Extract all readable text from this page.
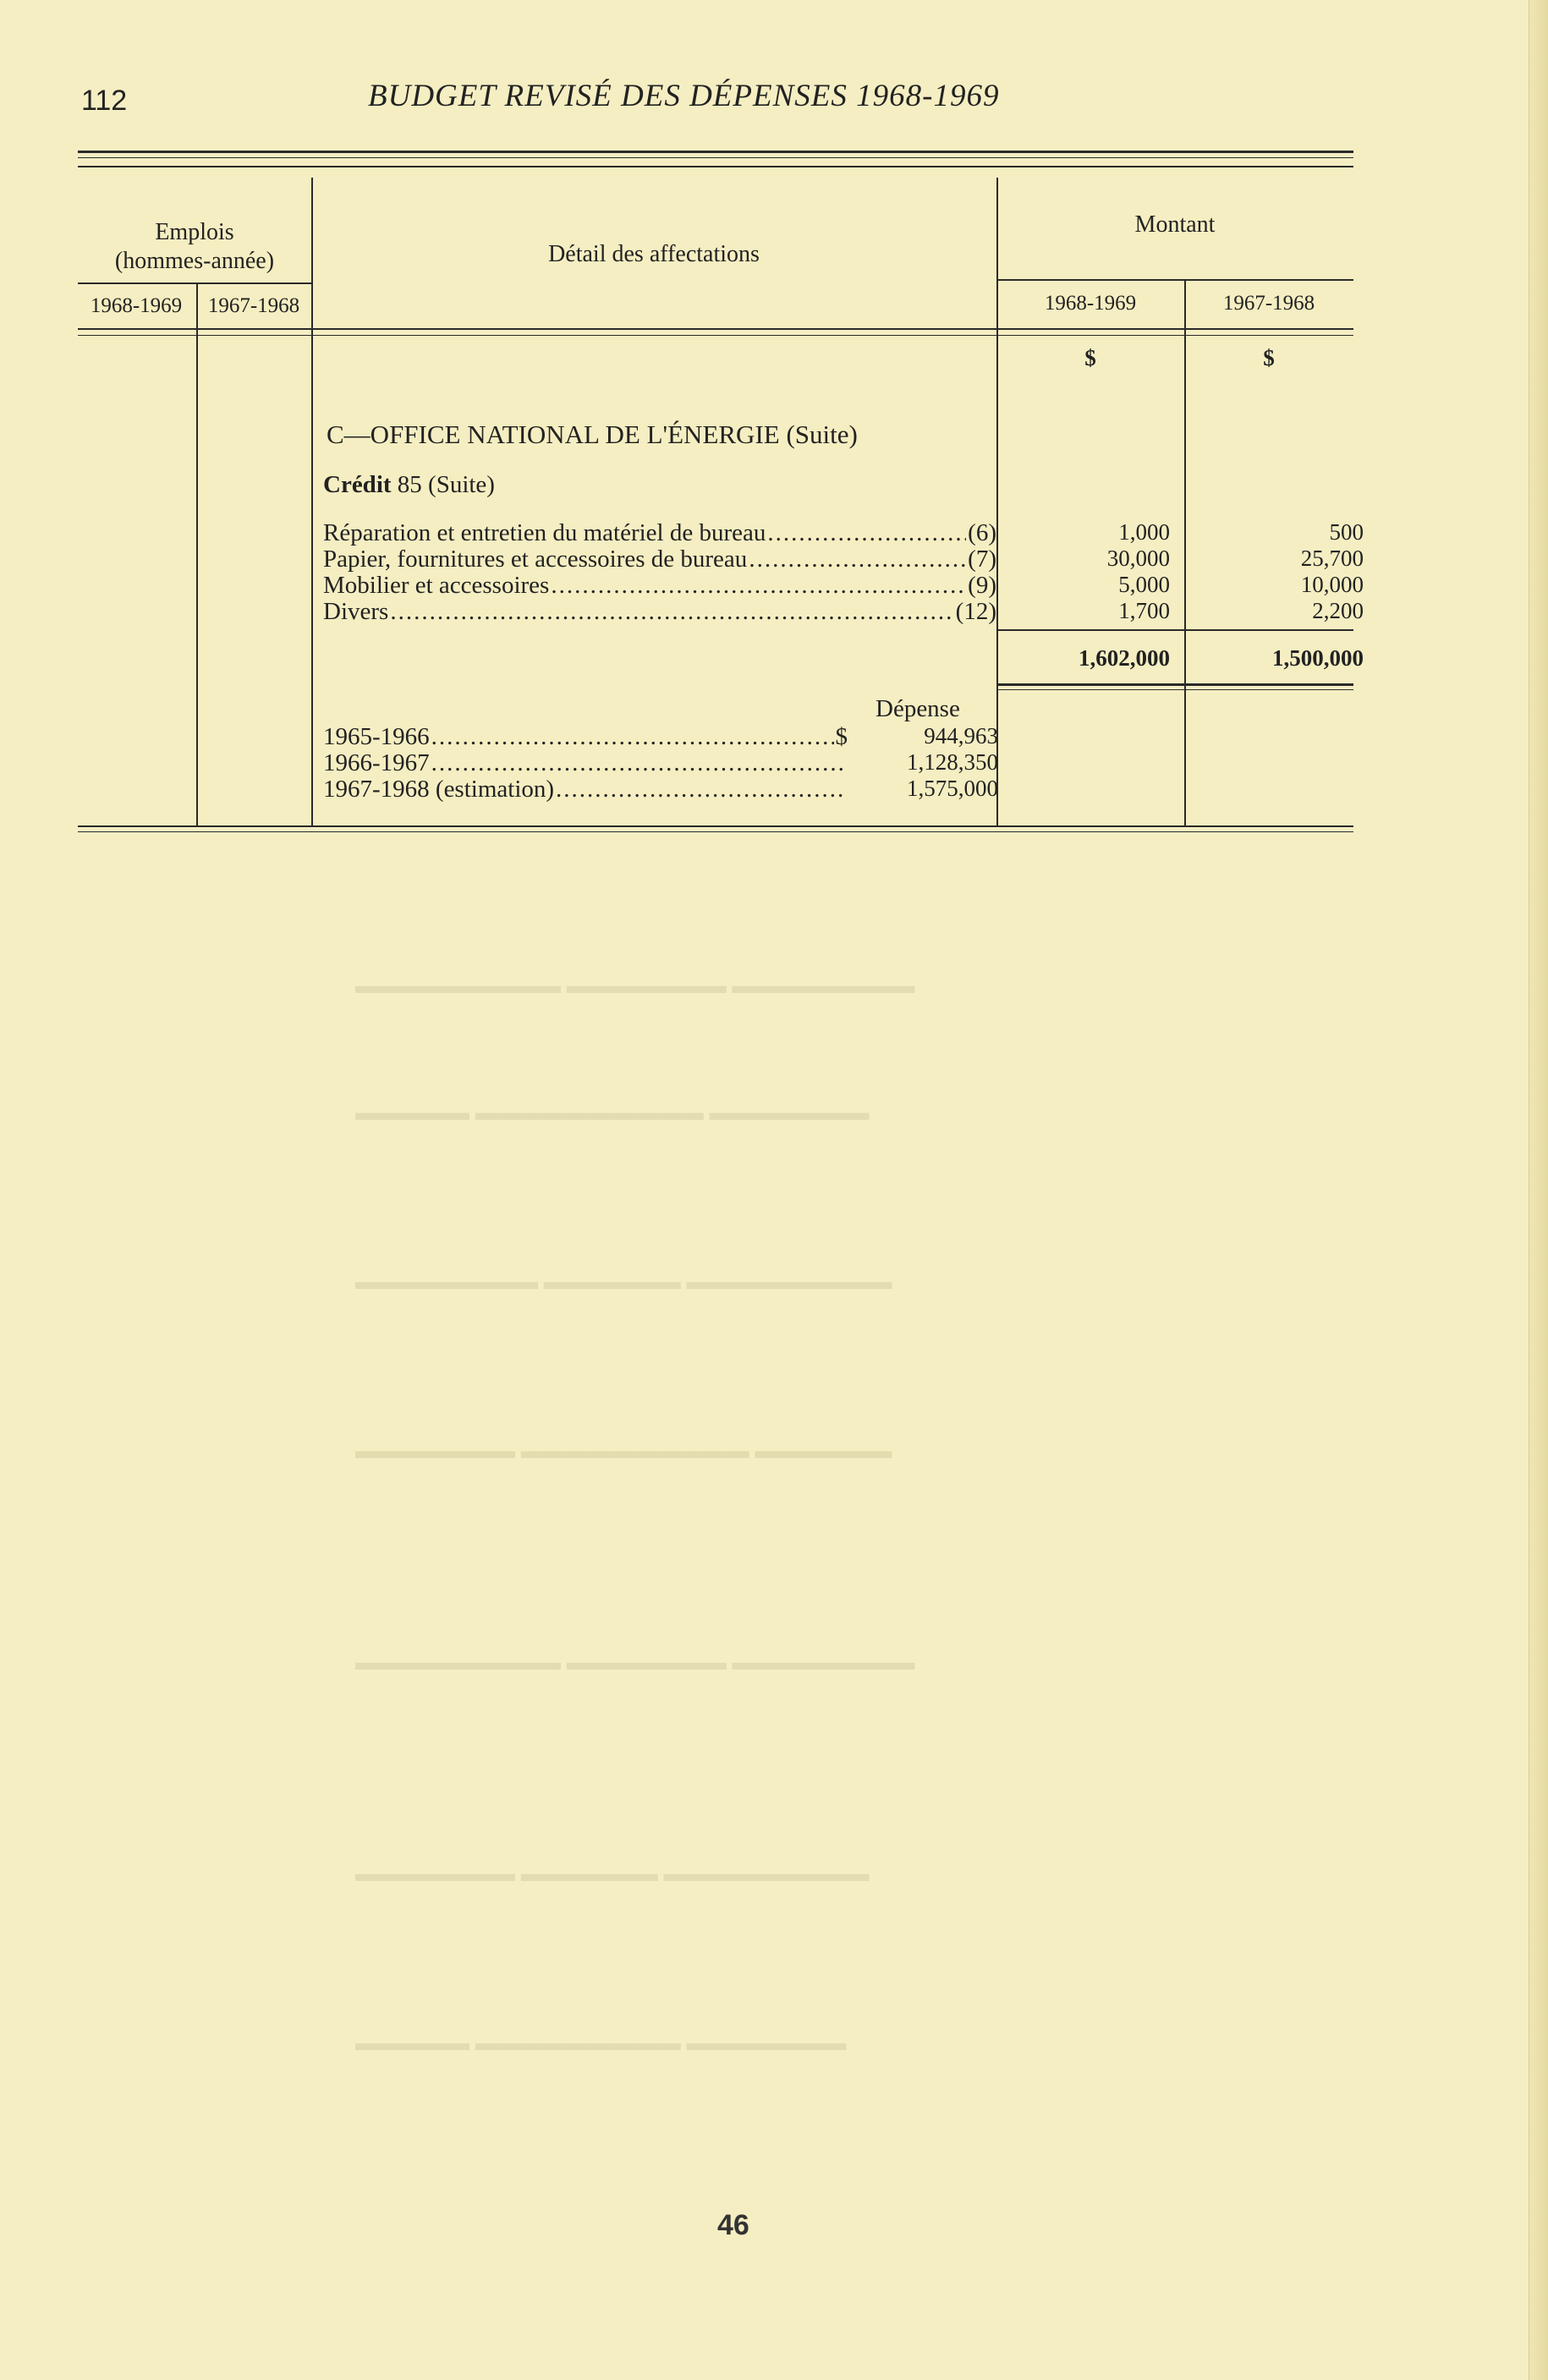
▬▬▬▬▬▬▬▬ ▬▬▬▬▬▬▬ ▬▬▬▬▬▬▬▬▬
▬▬▬▬▬▬▬ ▬▬▬▬▬▬▬▬▬▬ ▬▬▬▬▬
▬▬▬▬▬▬▬▬▬ ▬▬▬▬▬▬ ▬▬▬▬▬▬▬▬
▬▬▬▬▬▬ ▬▬▬▬▬▬▬▬▬▬ ▬▬▬▬▬▬▬
▬▬▬▬▬▬▬▬ ▬▬▬▬▬▬▬ ▬▬▬▬▬▬▬▬▬
▬▬▬▬▬▬▬▬▬ ▬▬▬▬▬▬ ▬▬▬▬▬▬▬
▬▬▬▬▬▬▬ ▬▬▬▬▬▬▬▬▬ ▬▬▬▬▬
112	BUDGET REVISÉ DES DÉPENSES 1968-1969
Emplois
(hommes-année)
1968-1969	1967-1968
Détail des affectations
Montant
1968-1969	1967-1968
$	$
C—OFFICE NATIONAL DE L'ÉNERGIE (Suite)
Crédit 85 (Suite)
Réparation et entretien du matériel de bureau .....	(6)	1,000	500
Papier, fournitures et accessoires de bureau .....	(7)	30,000	25,700
Mobilier et accessoires .....	(9)	5,000	10,000
Divers .....	(12)	1,700	2,200
1,602,000	1,500,000
Dépense
1965-1966 .....	$	944,963
1966-1967 .....	1,128,350
1967-1968 (estimation) .....	1,575,000
46
